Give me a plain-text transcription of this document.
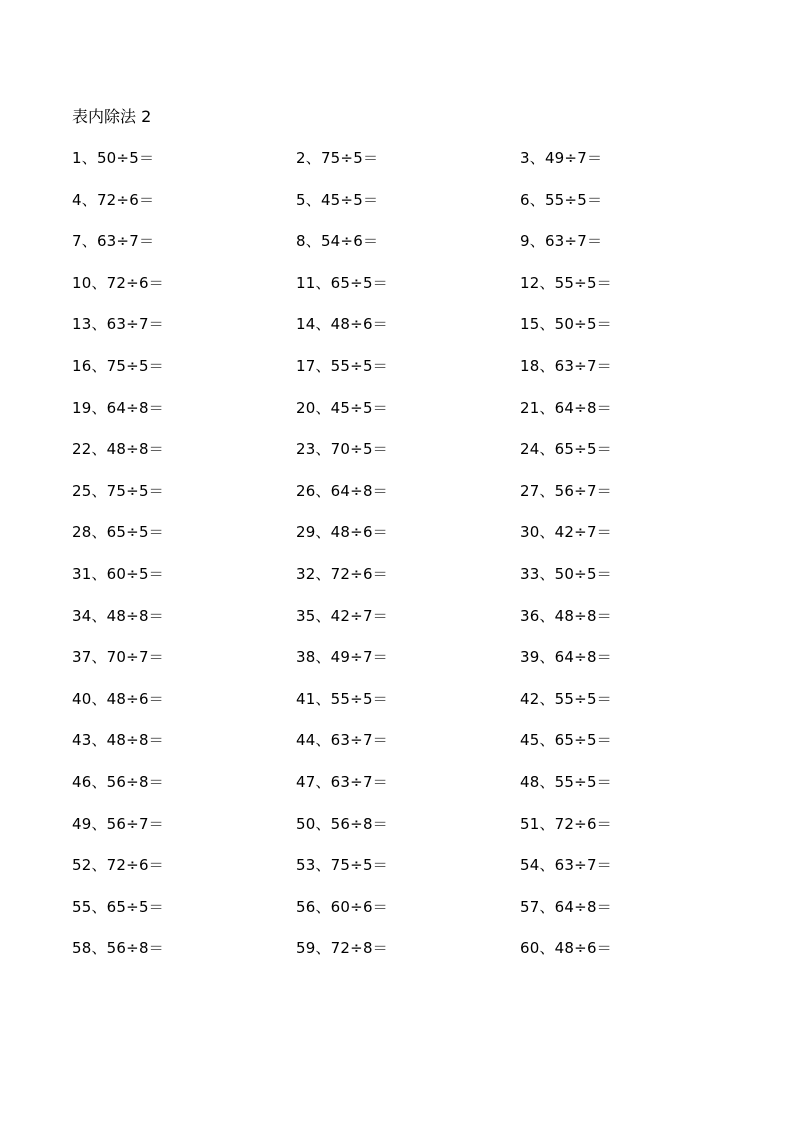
表内除法 2
1、50÷5＝	2、75÷5＝	3、49÷7＝
4、72÷6＝	5、45÷5＝	6、55÷5＝
7、63÷7＝	8、54÷6＝	9、63÷7＝
10、72÷6＝	11、65÷5＝	12、55÷5＝
13、63÷7＝	14、48÷6＝	15、50÷5＝
16、75÷5＝	17、55÷5＝	18、63÷7＝
19、64÷8＝	20、45÷5＝	21、64÷8＝
22、48÷8＝	23、70÷5＝	24、65÷5＝
25、75÷5＝	26、64÷8＝	27、56÷7＝
28、65÷5＝	29、48÷6＝	30、42÷7＝
31、60÷5＝	32、72÷6＝	33、50÷5＝
34、48÷8＝	35、42÷7＝	36、48÷8＝
37、70÷7＝	38、49÷7＝	39、64÷8＝
40、48÷6＝	41、55÷5＝	42、55÷5＝
43、48÷8＝	44、63÷7＝	45、65÷5＝
46、56÷8＝	47、63÷7＝	48、55÷5＝
49、56÷7＝	50、56÷8＝	51、72÷6＝
52、72÷6＝	53、75÷5＝	54、63÷7＝
55、65÷5＝	56、60÷6＝	57、64÷8＝
58、56÷8＝	59、72÷8＝	60、48÷6＝
